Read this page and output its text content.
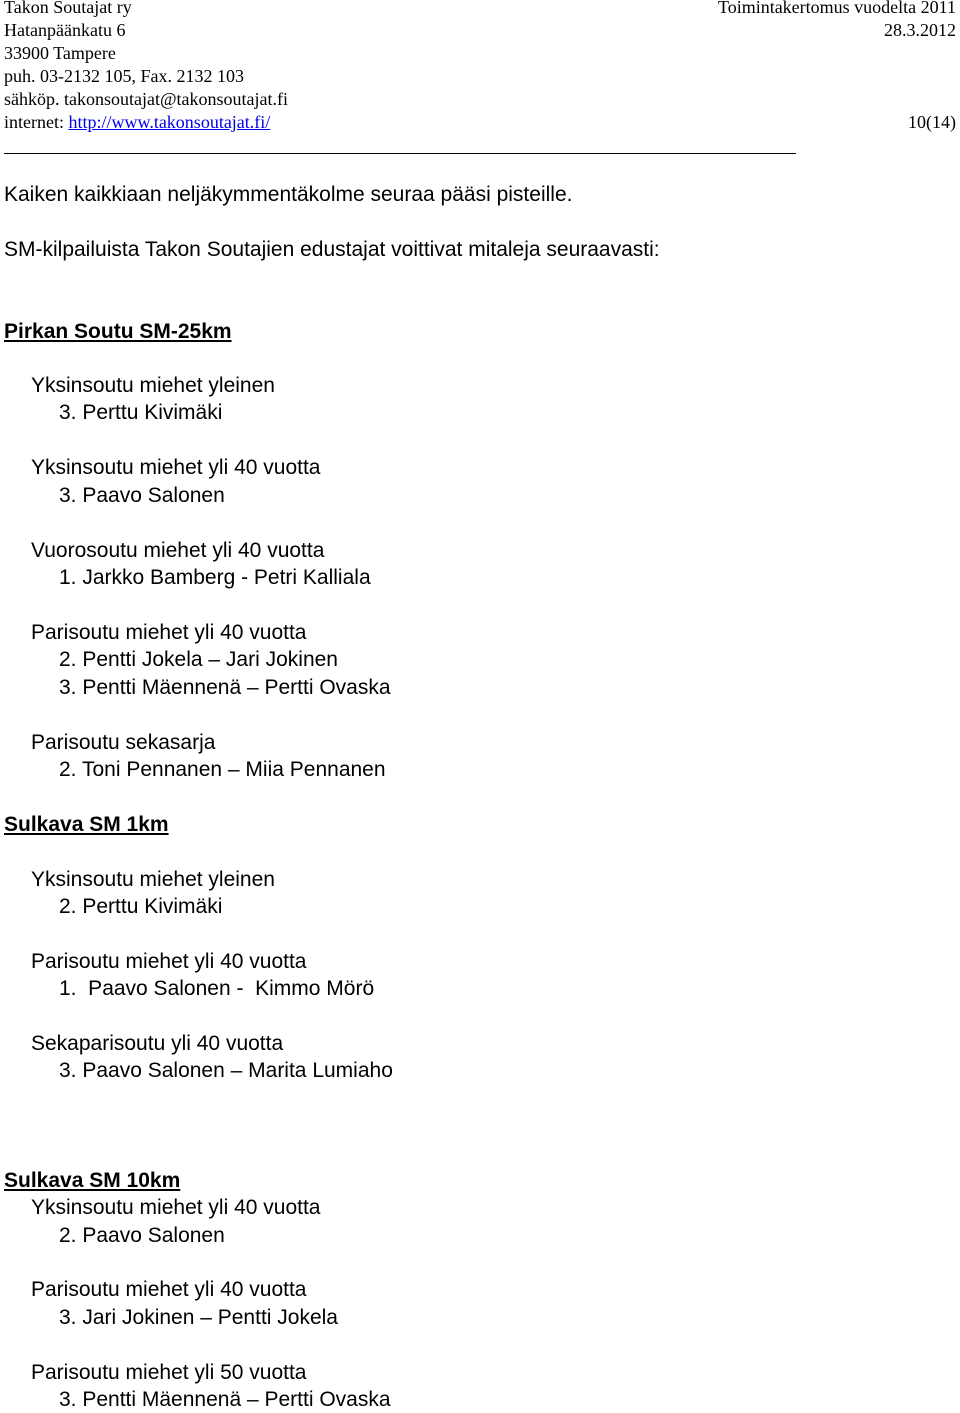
Takon Soutajat ry
Hatanpäänkatu 6
33900 Tampere
puh. 03-2132 105, Fax. 2132 103
sähköp. takonsoutajat@takonsoutajat.fi
internet: http://www.takonsoutajat.fi/
Toimintakertomus vuodelta 2011
28.3.2012
10(14)
Kaiken kaikkiaan neljäkymmentäkolme seuraa pääsi pisteille.
SM-kilpailuista Takon Soutajien edustajat voittivat mitaleja seuraavasti:
Pirkan Soutu SM-25km
Yksinsoutu miehet yleinen
3. Perttu Kivimäki
Yksinsoutu miehet yli 40 vuotta
3. Paavo Salonen
Vuorosoutu miehet yli 40 vuotta
1. Jarkko Bamberg - Petri Kalliala
Parisoutu miehet yli 40 vuotta
2. Pentti Jokela – Jari Jokinen
3. Pentti Mäennenä – Pertti Ovaska
Parisoutu sekasarja
2. Toni Pennanen – Miia Pennanen
Sulkava SM 1km
Yksinsoutu miehet yleinen
2. Perttu Kivimäki
Parisoutu miehet yli 40 vuotta
1.  Paavo Salonen -  Kimmo Mörö
Sekaparisoutu yli 40 vuotta
3. Paavo Salonen – Marita Lumiaho
Sulkava SM 10km
Yksinsoutu miehet yli 40 vuotta
2. Paavo Salonen
Parisoutu miehet yli 40 vuotta
3. Jari Jokinen – Pentti Jokela
Parisoutu miehet yli 50 vuotta
3. Pentti Mäennenä – Pertti Ovaska
